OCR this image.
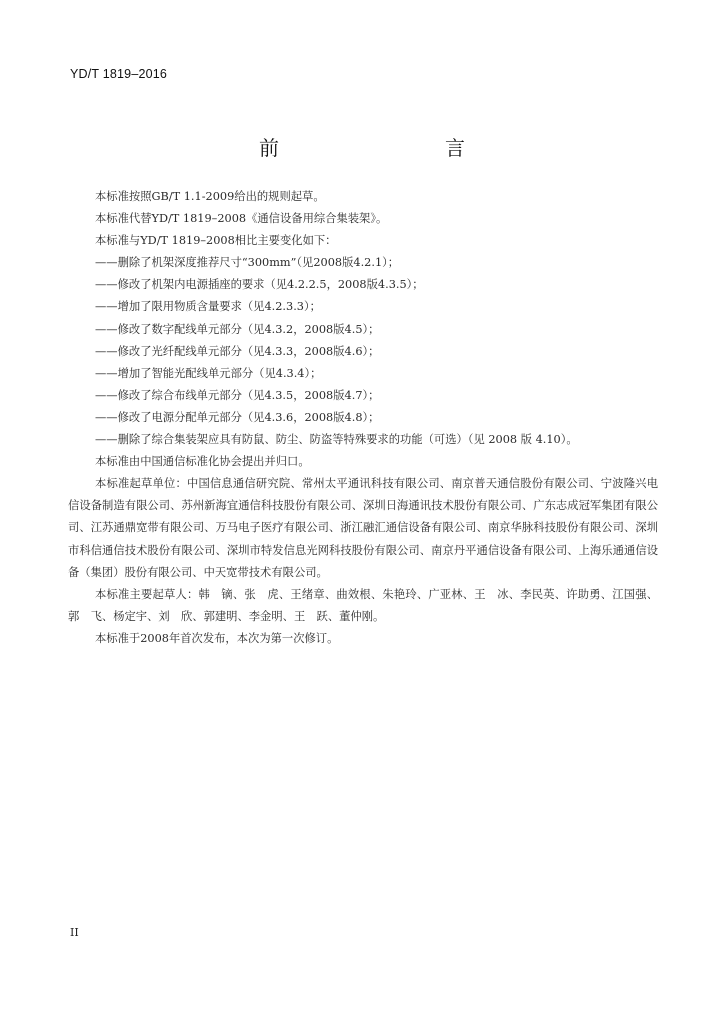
YD/T 1819–2016
前　　言

本标准按照GB/T 1.1-2009给出的规则起草。

本标准代替YD/T 1819–2008《通信设备用综合集装架》。

本标准与YD/T 1819–2008相比主要变化如下：

——删除了机架深度推荐尺寸“300mm”（见2008版4.2.1）；

——修改了机架内电源插座的要求（见4.2.2.5，2008版4.3.5）；

——增加了限用物质含量要求（见4.2.3.3）；

——修改了数字配线单元部分（见4.3.2，2008版4.5）；

——修改了光纤配线单元部分（见4.3.3，2008版4.6）；

——增加了智能光配线单元部分（见4.3.4）；

——修改了综合布线单元部分（见4.3.5，2008版4.7）；

——修改了电源分配单元部分（见4.3.6，2008版4.8）；

——删除了综合集装架应具有防鼠、防尘、防盗等特殊要求的功能（可选）（见 2008 版 4.10）。

本标准由中国通信标准化协会提出并归口。

本标准起草单位：中国信息通信研究院、常州太平通讯科技有限公司、南京普天通信股份有限公司、宁波隆兴电信设备制造有限公司、苏州新海宜通信科技股份有限公司、深圳日海通讯技术股份有限公司、广东志成冠军集团有限公司、江苏通鼎宽带有限公司、万马电子医疗有限公司、浙江融汇通信设备有限公司、南京华脉科技股份有限公司、深圳市科信通信技术股份有限公司、深圳市特发信息光网科技股份有限公司、南京丹平通信设备有限公司、上海乐通通信设备（集团）股份有限公司、中天宽带技术有限公司。

本标准主要起草人：韩　镝、张　虎、王绪章、曲效根、朱艳玲、广亚林、王　冰、李民英、许助勇、江国强、郭　飞、杨定宇、刘　欣、郭建明、李金明、王　跃、董仲刚。

本标准于2008年首次发布，本次为第一次修订。

II
